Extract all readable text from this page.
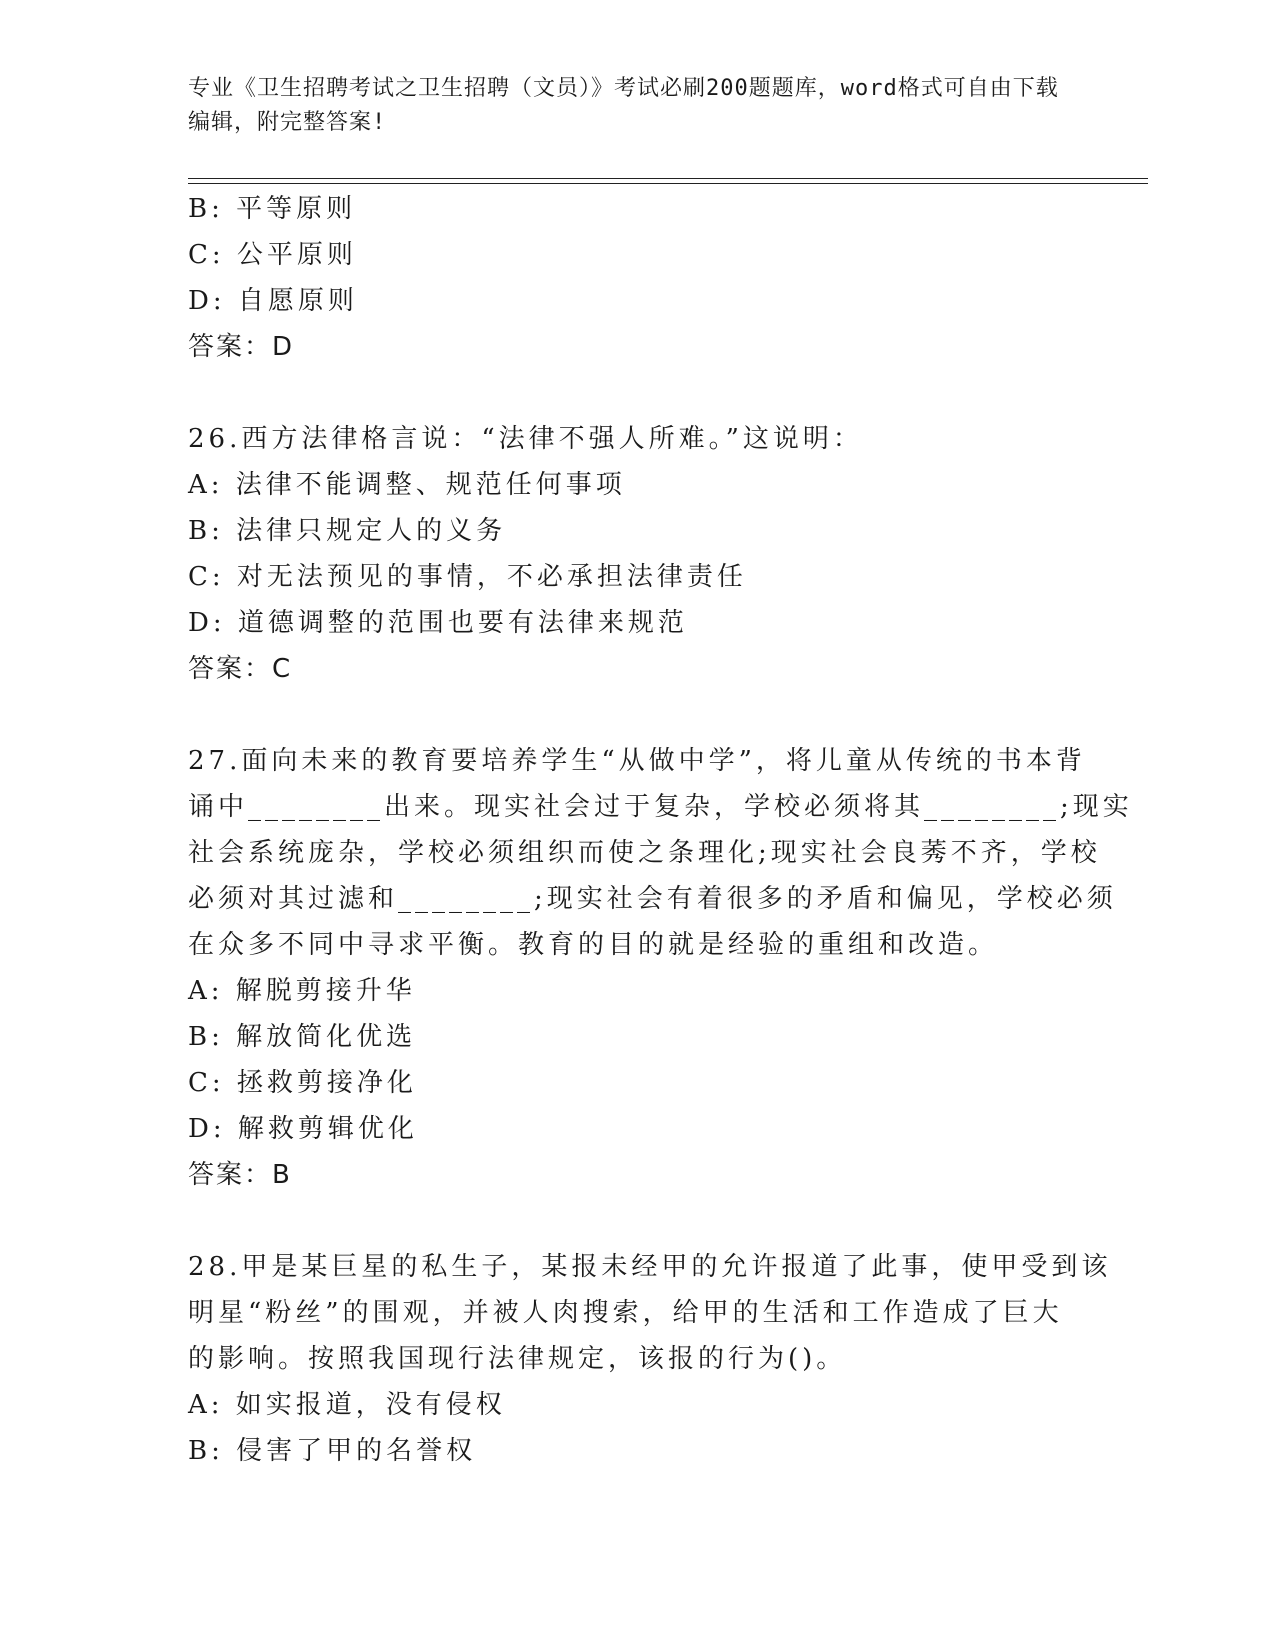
专业《卫生招聘考试之卫生招聘（文员）》考试必刷200题题库，word格式可自由下载编辑，附完整答案!
B: 平等原则
C: 公平原则
D: 自愿原则
答案：D
26.西方法律格言说：“法律不强人所难。”这说明：
A: 法律不能调整、规范任何事项
B: 法律只规定人的义务
C: 对无法预见的事情，不必承担法律责任
D: 道德调整的范围也要有法律来规范
答案：C
27.面向未来的教育要培养学生“从做中学”，将儿童从传统的书本背
诵中________出来。现实社会过于复杂，学校必须将其________;现实
社会系统庞杂，学校必须组织而使之条理化;现实社会良莠不齐，学校
必须对其过滤和________;现实社会有着很多的矛盾和偏见，学校必须
在众多不同中寻求平衡。教育的目的就是经验的重组和改造。
A: 解脱剪接升华
B: 解放简化优选
C: 拯救剪接净化
D: 解救剪辑优化
答案：B
28.甲是某巨星的私生子，某报未经甲的允许报道了此事，使甲受到该
明星“粉丝”的围观，并被人肉搜索，给甲的生活和工作造成了巨大
的影响。按照我国现行法律规定，该报的行为()。
A: 如实报道，没有侵权
B: 侵害了甲的名誉权
